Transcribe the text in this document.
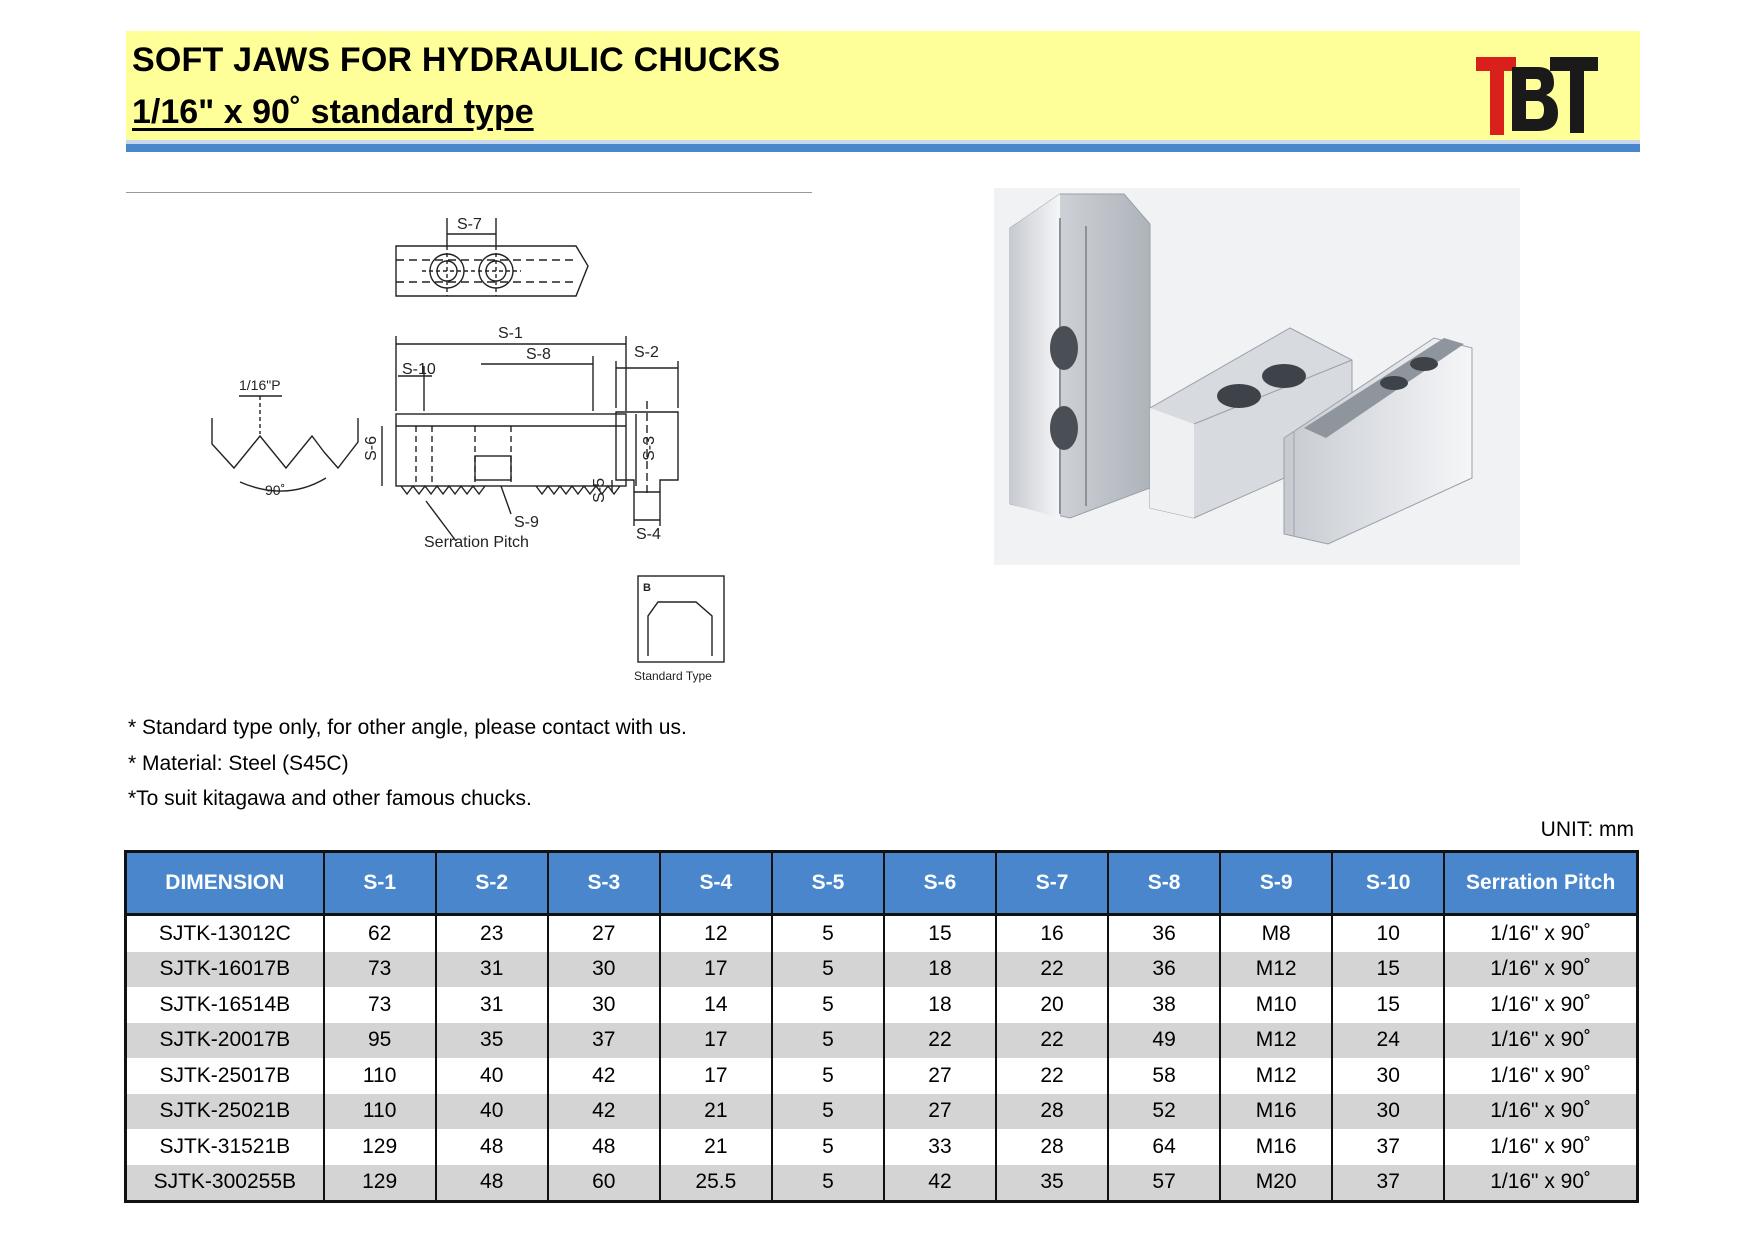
SOFT JAWS FOR HYDRAULIC CHUCKS
1/16" x 90˚ standard type
S-7
1/16"P
90˚
S-1
S-10
S-8
S-6	S-3
S-9
Serration Pitch
S-2
S-5
S-4
B
Standard Type
* Standard type only, for other angle, please contact with us.
* Material: Steel (S45C)
*To suit kitagawa and other famous chucks.
UNIT: mm
DIMENSION	S-1	S-2	S-3	S-4	S-5	S-6	S-7	S-8	S-9	S-10	Serration Pitch
SJTK-13012C	62	23	27	12	5	15	16	36	M8	10	1/16" x 90˚
SJTK-16017B	73	31	30	17	5	18	22	36	M12	15	1/16" x 90˚
SJTK-16514B	73	31	30	14	5	18	20	38	M10	15	1/16" x 90˚
SJTK-20017B	95	35	37	17	5	22	22	49	M12	24	1/16" x 90˚
SJTK-25017B	110	40	42	17	5	27	22	58	M12	30	1/16" x 90˚
SJTK-25021B	110	40	42	21	5	27	28	52	M16	30	1/16" x 90˚
SJTK-31521B	129	48	48	21	5	33	28	64	M16	37	1/16" x 90˚
SJTK-300255B	129	48	60	25.5	5	42	35	57	M20	37	1/16" x 90˚
